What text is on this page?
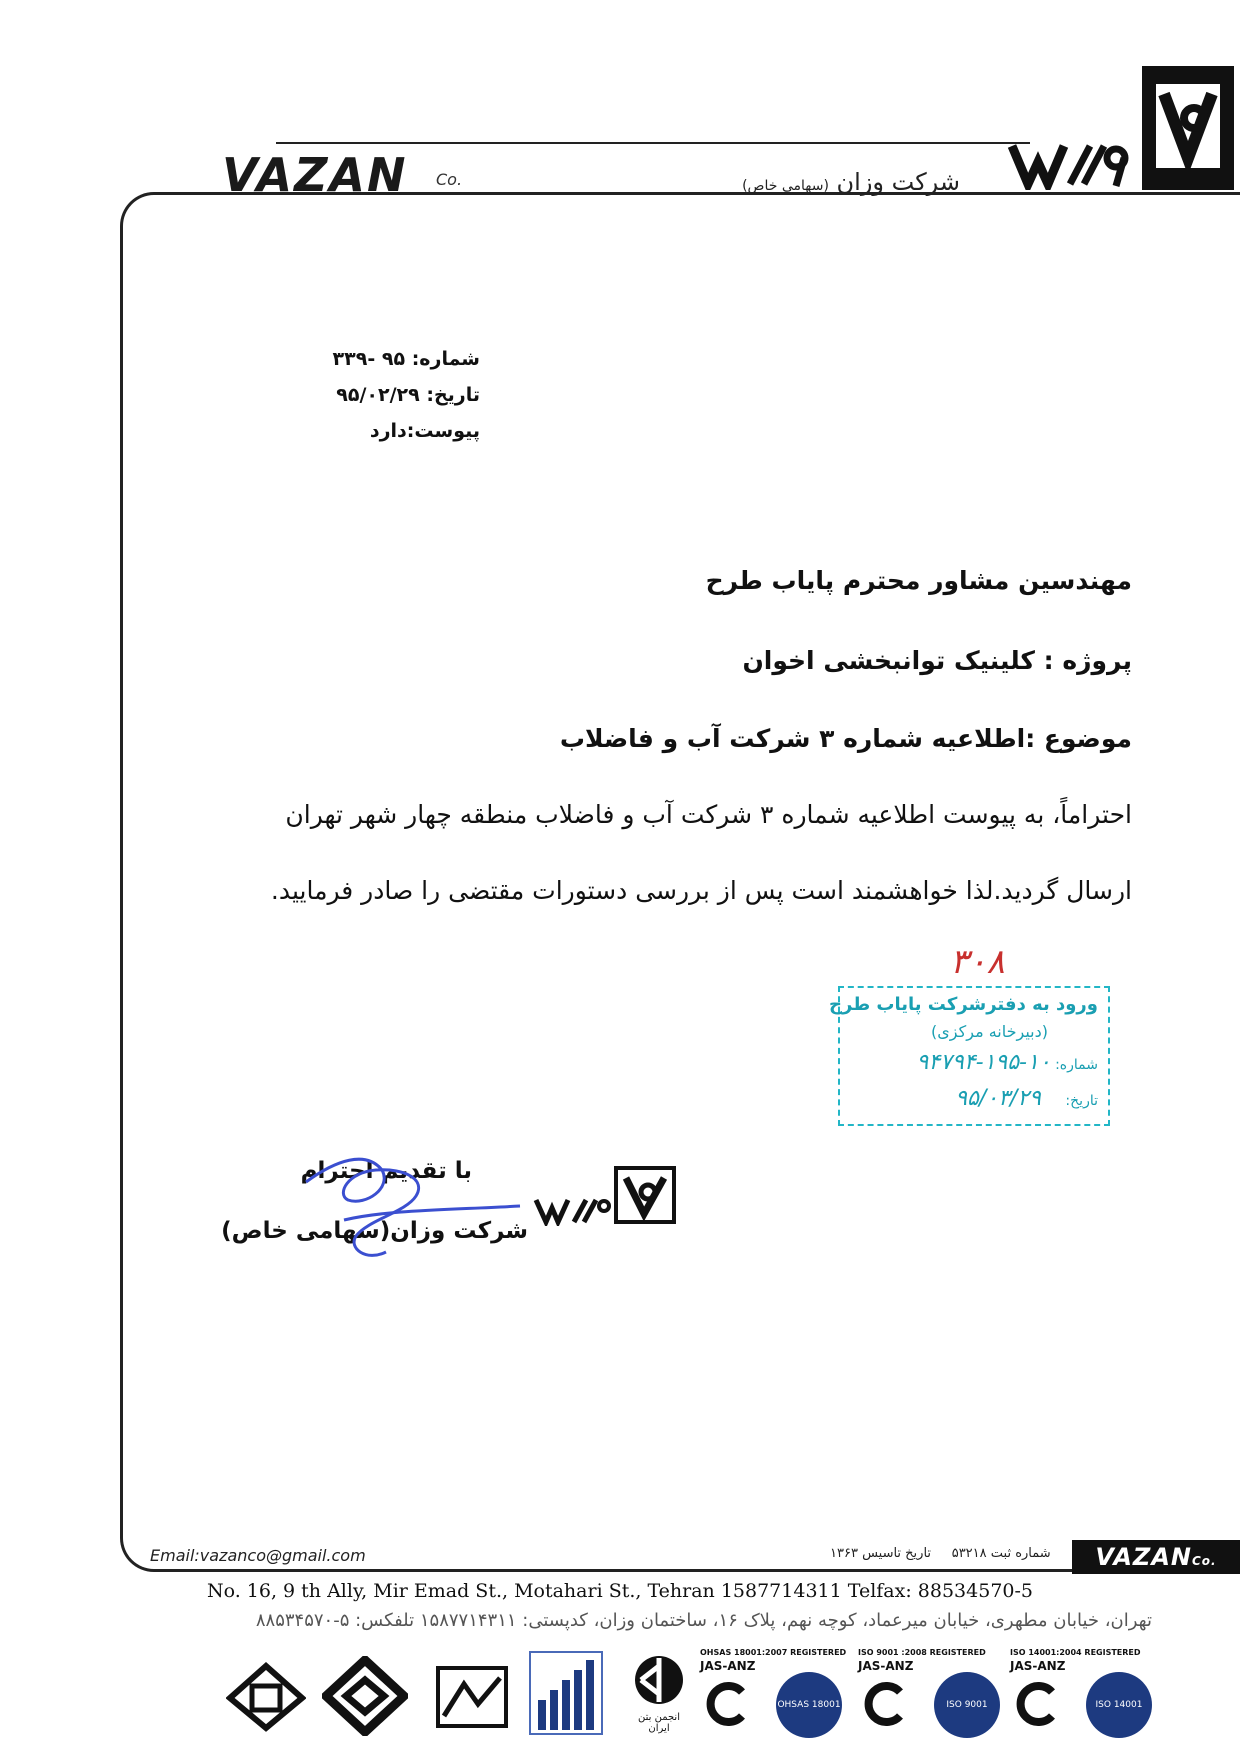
شرکت وزان (سهامی خاص)
VAZAN Co.
شماره: ۹۵ -۳۳۹
تاریخ: ۹۵/۰۲/۲۹
پیوست:دارد
مهندسین مشاور محترم پایاب طرح
پروژه : کلینیک توانبخشی اخوان
موضوع :اطلاعیه شماره ۳ شرکت آب و فاضلاب
احتراماً، به پیوست اطلاعیه شماره ۳ شرکت آب و فاضلاب منطقه چهار شهر تهران
ارسال گردید.لذا خواهشمند است پس از بررسی دستورات مقتضی را صادر فرمایید.
۳۰۸
ورود به دفترشرکت پایاب طرح
(دبیرخانه مرکزی)
شماره: ۱۰-۱۹۵-۹۴۷۹۴
تاریخ: ۹۵/۰۳/۲۹
با تقدیم احترام
شرکت وزان(سهامی خاص)
Email:vazanco@gmail.com	شماره ثبت ۵۳۲۱۸     تاریخ تاسیس ۱۳۶۳	VAZANCo.
No. 16, 9 th Ally, Mir Emad St., Motahari St., Tehran 1587714311 Telfax: 88534570-5
تهران، خیابان مطهری، خیابان میرعماد، کوچه نهم، پلاک ۱۶، ساختمان وزان، کدپستی: ۱۵۸۷۷۱۴۳۱۱ تلفکس: ۵-۸۸۵۳۴۵۷۰
انجمن بتن ایران
OHSAS 18001:2007 REGISTERED
JAS-ANZ
OHSAS 18001
ISO 9001 :2008 REGISTERED
JAS-ANZ
ISO 9001
ISO 14001:2004 REGISTERED
JAS-ANZ
ISO 14001
